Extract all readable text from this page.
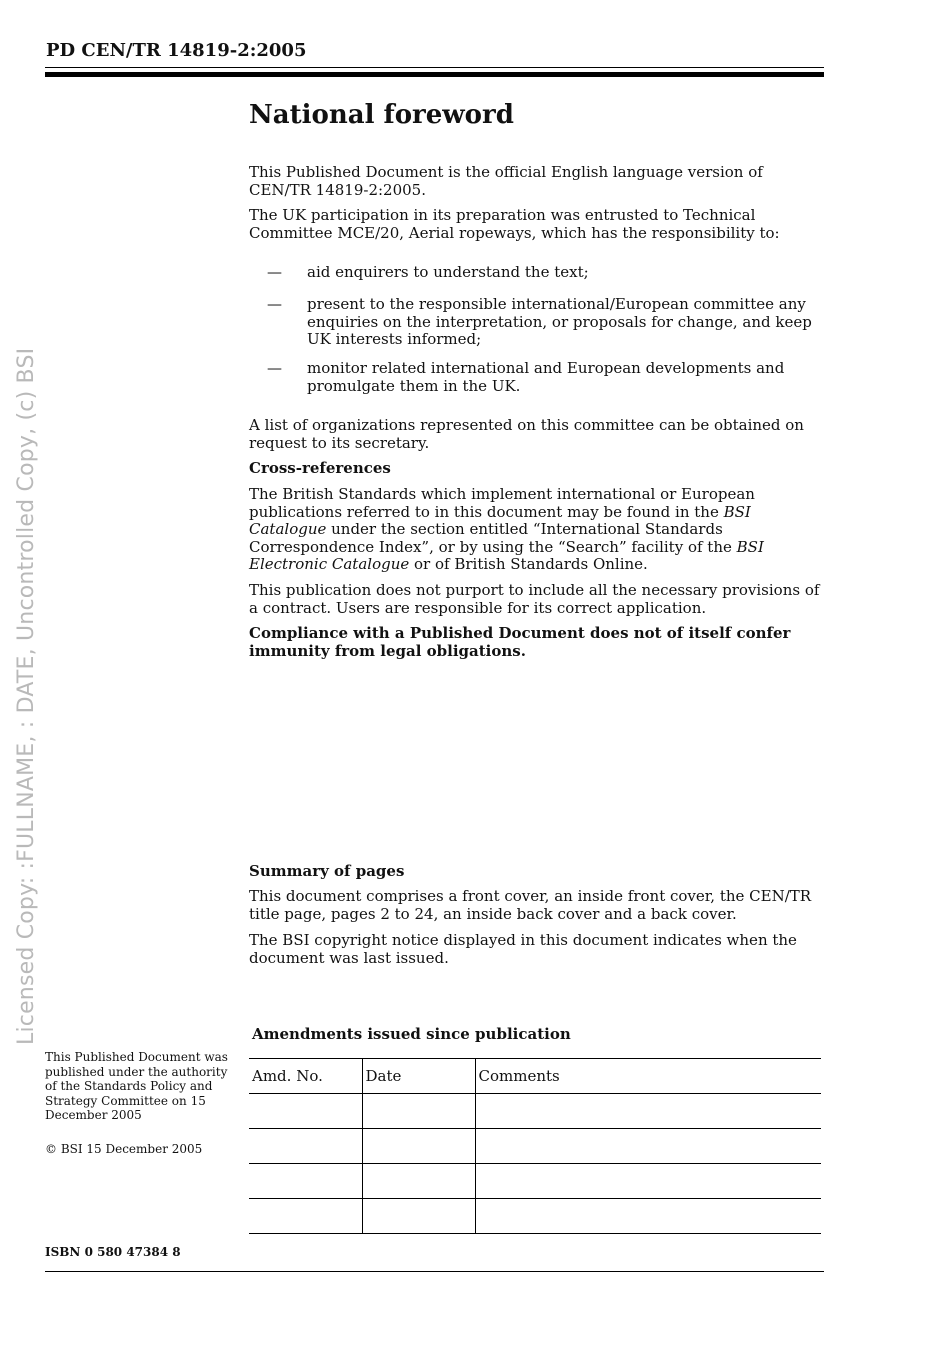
PD CEN/TR 14819-2:2005
Licensed Copy: :FULLNAME, : DATE, Uncontrolled Copy, (c) BSI
National foreword

This Published Document is the official English language version of CEN/TR 14819-2:2005.

The UK participation in its preparation was entrusted to Technical Committee MCE/20, Aerial ropeways, which has the responsibility to:

— aid enquirers to understand the text;
— present to the responsible international/European committee any enquiries on the interpretation, or proposals for change, and keep UK interests informed;
— monitor related international and European developments and promulgate them in the UK.

A list of organizations represented on this committee can be obtained on request to its secretary.

Cross-references

The British Standards which implement international or European publications referred to in this document may be found in the BSI Catalogue under the section entitled “International Standards Correspondence Index”, or by using the “Search” facility of the BSI Electronic Catalogue or of British Standards Online.

This publication does not purport to include all the necessary provisions of a contract. Users are responsible for its correct application.

Compliance with a Published Document does not of itself confer immunity from legal obligations.
Summary of pages

This document comprises a front cover, an inside front cover, the CEN/TR title page, pages 2 to 24, an inside back cover and a back cover.

The BSI copyright notice displayed in this document indicates when the document was last issued.

This Published Document was published under the authority of the Standards Policy and Strategy Committee on 15 December 2005
© BSI 15 December 2005
ISBN 0 580 47384 8
Amendments issued since publication
Amd. No.	Date	Comments
